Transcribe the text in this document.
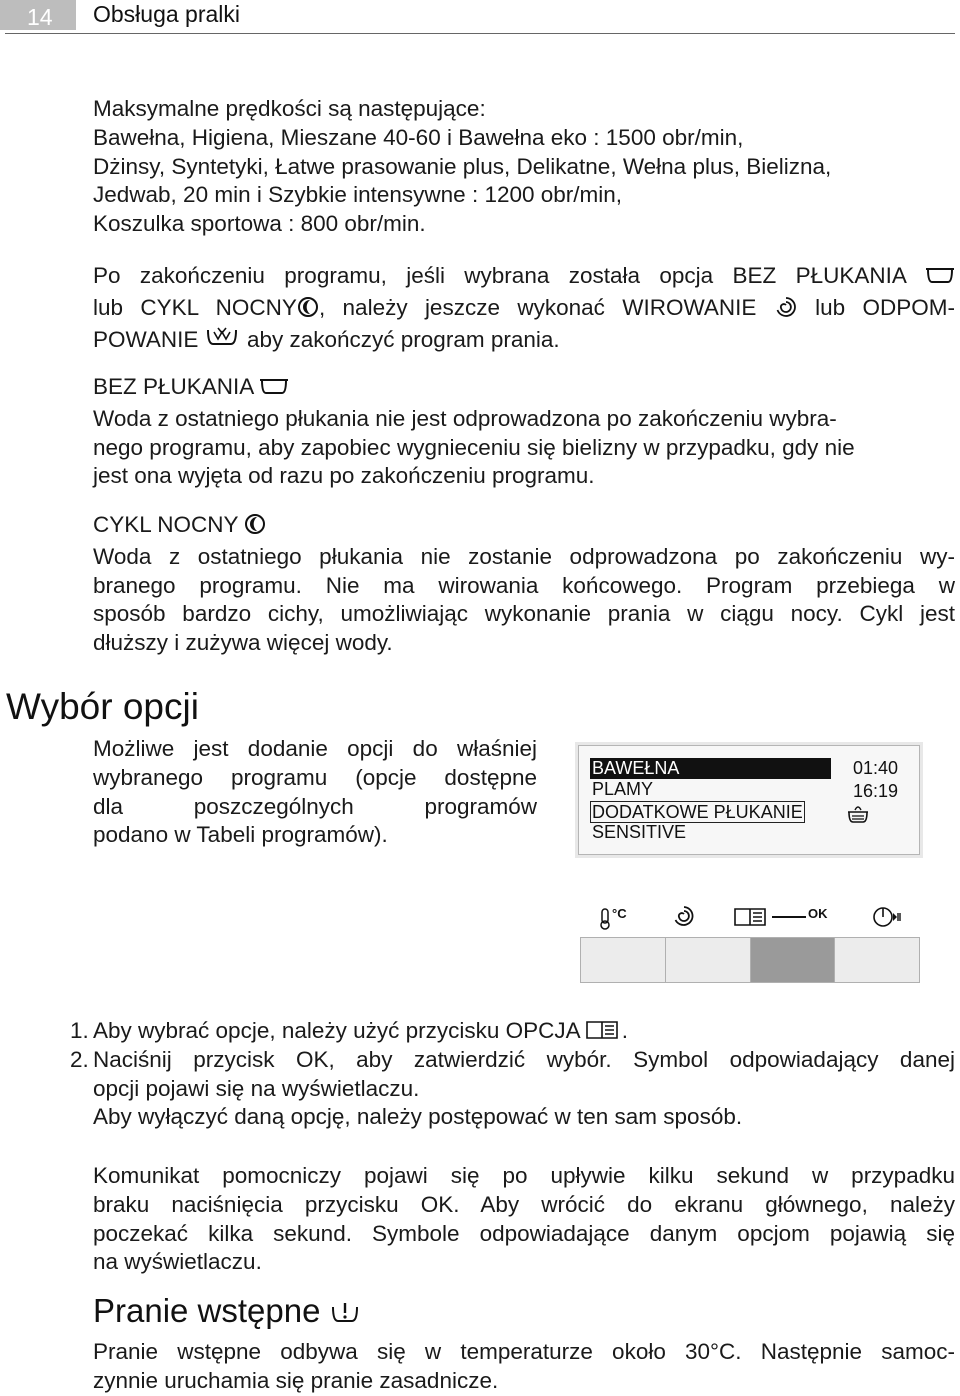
14	Obsługa pralki
Maksymalne prędkości są następujące:
Bawełna, Higiena, Mieszane 40-60 i Bawełna eko : 1500 obr/min,
Dżinsy, Syntetyki, Łatwe prasowanie plus, Delikatne, Wełna plus, Bielizna,
Jedwab, 20 min i Szybkie intensywne : 1200 obr/min,
Koszulka sportowa : 800 obr/min.
Po zakończeniu programu, jeśli wybrana została opcja BEZ PŁUKANIA
lub CYKL NOCNY , należy jeszcze wykonać WIROWANIE	lub ODPOM-
POWANIE aby zakończyć program prania.
BEZ PŁUKANIA
Woda z ostatniego płukania nie jest odprowadzona po zakończeniu wybra-
nego programu, aby zapobiec wygnieceniu się bielizny w przypadku, gdy nie
jest ona wyjęta od razu po zakończeniu programu.
CYKL NOCNY
Woda z ostatniego płukania nie zostanie odprowadzona po zakończeniu wy-
branego programu. Nie ma wirowania końcowego. Program przebiega w
sposób bardzo cichy, umożliwiając wykonanie prania w ciągu nocy. Cykl jest
dłuższy i zużywa więcej wody.
Wybór opcji
Możliwe jest dodanie opcji do właśniej
wybranego programu (opcje dostępne
dla poszczególnych programów
podano w Tabeli programów).
BAWEŁNA
PLAMY
DODATKOWE PŁUKANIE
SENSITIVE
01:40
16:19
°C	OK
1. Aby wybrać opcje, należy użyć przycisku OPCJA .
2. Naciśnij przycisk OK, aby zatwierdzić wybór. Symbol odpowiadający danej
opcji pojawi się na wyświetlaczu.
Aby wyłączyć daną opcję, należy postępować w ten sam sposób.
Komunikat pomocniczy pojawi się po upływie kilku sekund w przypadku
braku naciśnięcia przycisku OK. Aby wrócić do ekranu głównego, należy
poczekać kilka sekund. Symbole odpowiadające danym opcjom pojawią się
na wyświetlaczu.
Pranie wstępne
Pranie wstępne odbywa się w temperaturze około 30°C. Następnie samoc-
zynnie uruchamia się pranie zasadnicze.
